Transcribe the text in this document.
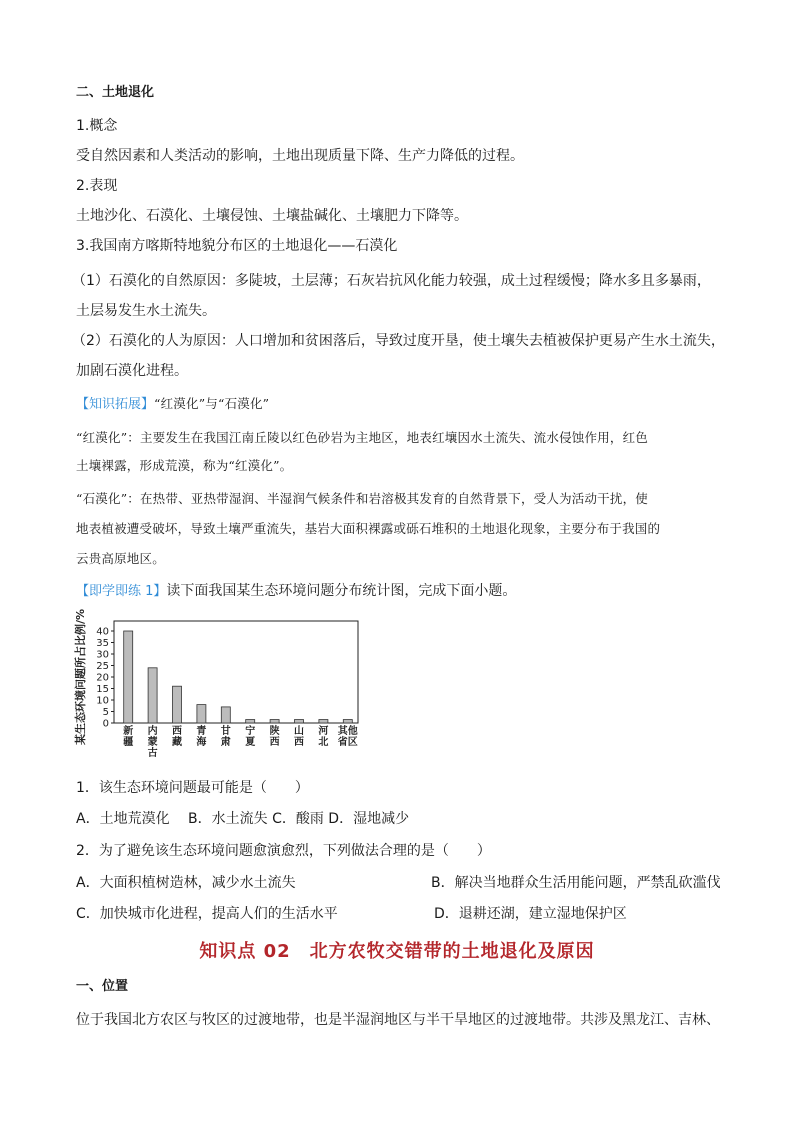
二、土地退化
1.概念
受自然因素和人类活动的影响，土地出现质量下降、生产力降低的过程。
2.表现
土地沙化、石漠化、土壤侵蚀、土壤盐碱化、土壤肥力下降等。
3.我国南方喀斯特地貌分布区的土地退化——石漠化
（1）石漠化的自然原因：多陡坡，土层薄；石灰岩抗风化能力较强，成土过程缓慢；降水多且多暴雨，
土层易发生水土流失。
（2）石漠化的人为原因：人口增加和贫困落后，导致过度开垦，使土壤失去植被保护更易产生水土流失，
加剧石漠化进程。
【知识拓展】“红漠化”与“石漠化”
“红漠化”：主要发生在我国江南丘陵以红色砂岩为主地区，地表红壤因水土流失、流水侵蚀作用，红色
土壤裸露，形成荒漠，称为“红漠化”。
“石漠化”：在热带、亚热带湿润、半湿润气候条件和岩溶极其发育的自然背景下，受人为活动干扰，使
地表植被遭受破坏，导致土壤严重流失，基岩大面积裸露或砾石堆积的土地退化现象，主要分布于我国的
云贵高原地区。
【即学即练 1】读下面我国某生态环境问题分布统计图，完成下面小题。
某生态环境问题所占比例/% 0
5
10
15
20
25
30
35
40
新
疆
内
蒙
古
西
藏
青
海
甘
肃
宁
夏
陕
西
山
西
河
北
其他
省区
1．该生态环境问题最可能是（　　）
A．土地荒漠化　 B．水土流失 C．酸雨 D．湿地减少
2．为了避免该生态环境问题愈演愈烈，下列做法合理的是（　　）
A．大面积植树造林，减少水土流失	B．解决当地群众生活用能问题，严禁乱砍滥伐
C．加快城市化进程，提高人们的生活水平	D．退耕还湖，建立湿地保护区
知识点 02　北方农牧交错带的土地退化及原因
一、位置
位于我国北方农区与牧区的过渡地带，也是半湿润地区与半干旱地区的过渡地带。共涉及黑龙江、吉林、
